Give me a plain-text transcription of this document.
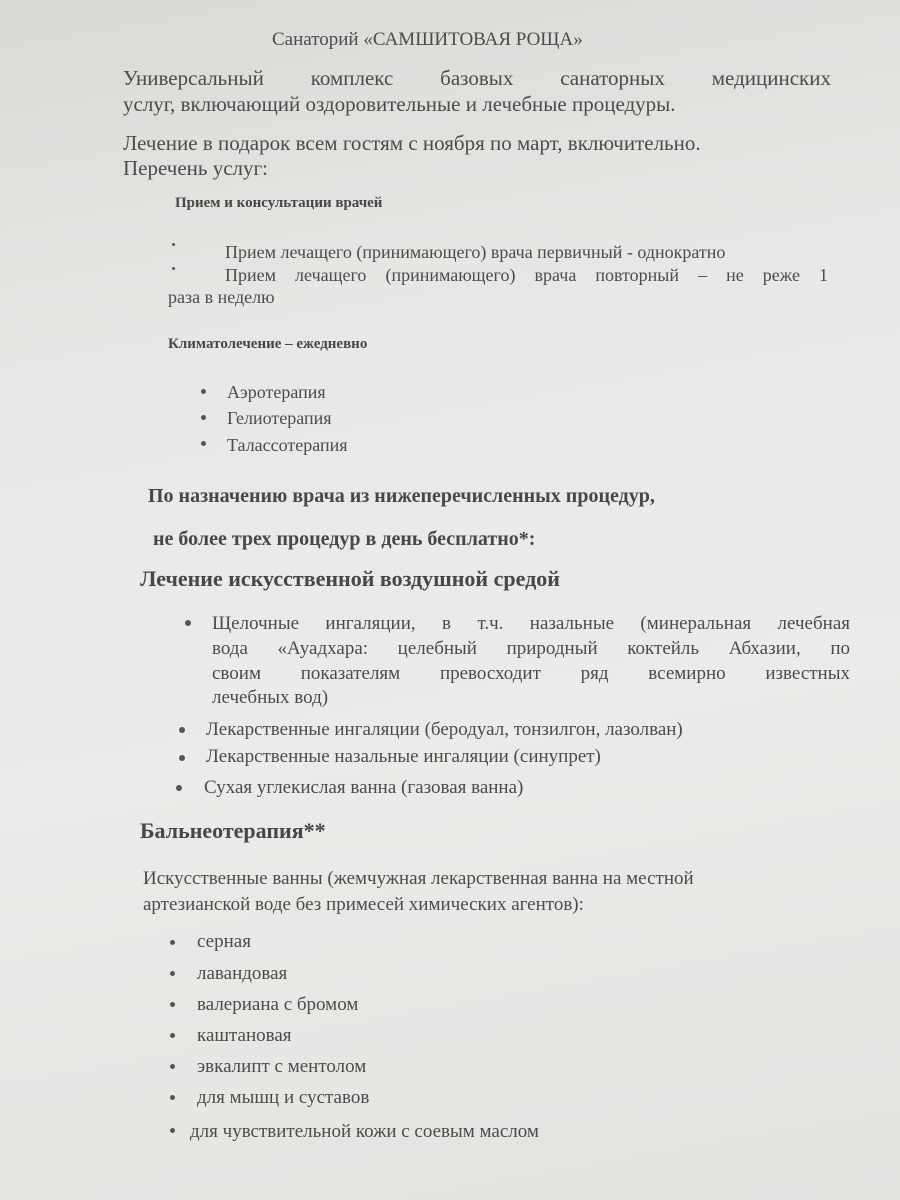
Санаторий «САМШИТОВАЯ РОЩА»
Универсальный комплекс базовых санаторных медицинских
услуг, включающий оздоровительные и лечебные процедуры.
Лечение в подарок всем гостям с ноября по март, включительно.
Перечень услуг:
Прием и консультации врачей
Прием лечащего (принимающего) врача первичный - однократно
Прием лечащего (принимающего) врача повторный – не реже 1
раза в неделю
Климатолечение – ежедневно
Аэротерапия
Гелиотерапия
Талассотерапия
По назначению врача из нижеперечисленных процедур,
не более трех процедур в день бесплатно*:
Лечение искусственной воздушной средой
Щелочные ингаляции, в т.ч. назальные (минеральная лечебная
вода «Ауадхара: целебный природный коктейль Абхазии, по
своим показателям превосходит ряд всемирно известных
лечебных вод)
Лекарственные ингаляции (беродуал, тонзилгон, лазолван)
Лекарственные назальные ингаляции (синупрет)
Сухая углекислая ванна (газовая ванна)
Бальнеотерапия**
Искусственные ванны (жемчужная лекарственная ванна на местной
артезианской воде без примесей химических агентов):
серная
лавандовая
валериана с бромом
каштановая
эвкалипт с ментолом
для мышц и суставов
для чувствительной кожи с соевым маслом
